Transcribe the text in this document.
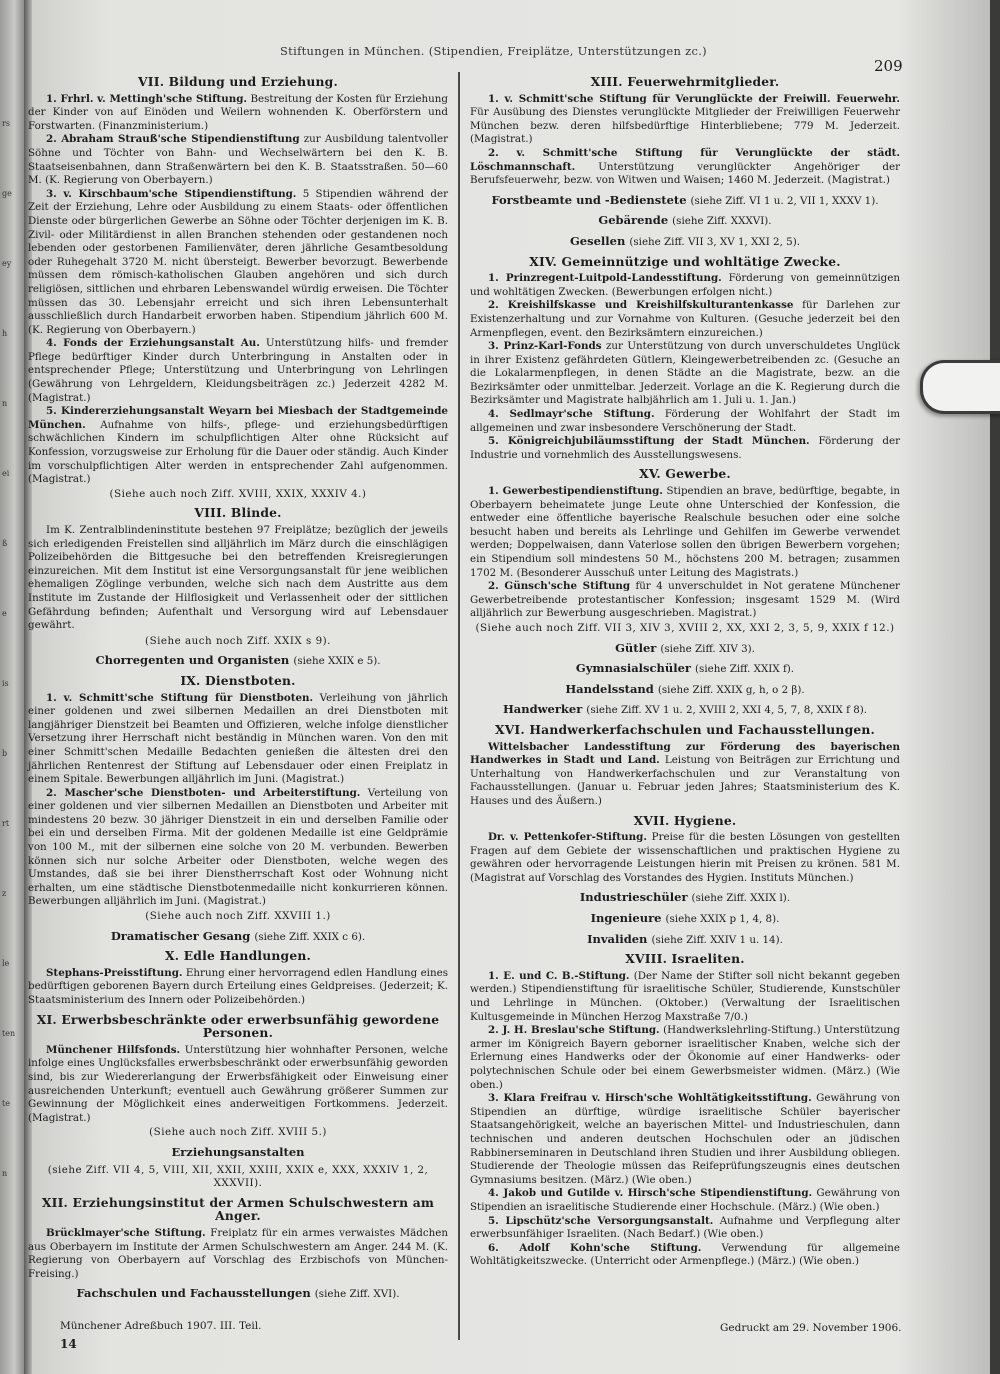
rs
ge
ey
h
n
ei
ß
e
is
b
rt
z
le
ten
te
n
Stiftungen in München. (Stipendien, Freiplätze, Unterstützungen zc.)
209
VII. Bildung und Erziehung.

1. Frhrl. v. Mettingh'sche Stiftung. Bestreitung der Kosten für Erziehung der Kinder von auf Einöden und Weilern wohnenden K. Oberförstern und Forstwarten. (Finanzministerium.)

2. Abraham Strauß'sche Stipendienstiftung zur Ausbildung talentvoller Söhne und Töchter von Bahn- und Wechselwärtern bei den K. B. Staatseisenbahnen, dann Straßenwärtern bei den K. B. Staatsstraßen. 50—60 M. (K. Regierung von Oberbayern.)

3. v. Kirschbaum'sche Stipendienstiftung. 5 Stipendien während der Zeit der Erziehung, Lehre oder Ausbildung zu einem Staats- oder öffentlichen Dienste oder bürgerlichen Gewerbe an Söhne oder Töchter derjenigen im K. B. Zivil- oder Militärdienst in allen Branchen stehenden oder gestandenen noch lebenden oder gestorbenen Familienväter, deren jährliche Gesamtbesoldung oder Ruhegehalt 3720 M. nicht übersteigt. Bewerber bevorzugt. Bewerbende müssen dem römisch-katholischen Glauben angehören und sich durch religiösen, sittlichen und ehrbaren Lebenswandel würdig erweisen. Die Töchter müssen das 30. Lebensjahr erreicht und sich ihren Lebensunterhalt ausschließlich durch Handarbeit erworben haben. Stipendium jährlich 600 M. (K. Regierung von Oberbayern.)

4. Fonds der Erziehungsanstalt Au. Unterstützung hilfs- und fremder Pflege bedürftiger Kinder durch Unterbringung in Anstalten oder in entsprechender Pflege; Unterstützung und Unterbringung von Lehrlingen (Gewährung von Lehrgeldern, Kleidungsbeiträgen zc.) Jederzeit 4282 M. (Magistrat.)

5. Kindererziehungsanstalt Weyarn bei Miesbach der Stadtgemeinde München. Aufnahme von hilfs-, pflege- und erziehungsbedürftigen schwächlichen Kindern im schulpflichtigen Alter ohne Rücksicht auf Konfession, vorzugsweise zur Erholung für die Dauer oder ständig. Auch Kinder im vorschulpflichtigen Alter werden in entsprechender Zahl aufgenommen. (Magistrat.)

(Siehe auch noch Ziff. XVIII, XXIX, XXXIV 4.)
VIII. Blinde.

Im K. Zentralblindeninstitute bestehen 97 Freiplätze; bezüglich der jeweils sich erledigenden Freistellen sind alljährlich im März durch die einschlägigen Polizeibehörden die Bittgesuche bei den betreffenden Kreisregierungen einzureichen. Mit dem Institut ist eine Versorgungsanstalt für jene weiblichen ehemaligen Zöglinge verbunden, welche sich nach dem Austritte aus dem Institute im Zustande der Hilflosigkeit und Verlassenheit oder der sittlichen Gefährdung befinden; Aufenthalt und Versorgung wird auf Lebensdauer gewährt.

(Siehe auch noch Ziff. XXIX s 9).
Chorregenten und Organisten (siehe XXIX e 5).
IX. Dienstboten.

1. v. Schmitt'sche Stiftung für Dienstboten. Verleihung von jährlich einer goldenen und zwei silbernen Medaillen an drei Dienstboten mit langjähriger Dienstzeit bei Beamten und Offizieren, welche infolge dienstlicher Versetzung ihrer Herrschaft nicht beständig in München waren. Von den mit einer Schmitt'schen Medaille Bedachten genießen die ältesten drei den jährlichen Rentenrest der Stiftung auf Lebensdauer oder einen Freiplatz in einem Spitale. Bewerbungen alljährlich im Juni. (Magistrat.)

2. Mascher'sche Dienstboten- und Arbeiterstiftung. Verteilung von einer goldenen und vier silbernen Medaillen an Dienstboten und Arbeiter mit mindestens 20 bezw. 30 jähriger Dienstzeit in ein und derselben Familie oder bei ein und derselben Firma. Mit der goldenen Medaille ist eine Geldprämie von 100 M., mit der silbernen eine solche von 20 M. verbunden. Bewerben können sich nur solche Arbeiter oder Dienstboten, welche wegen des Umstandes, daß sie bei ihrer Dienstherrschaft Kost oder Wohnung nicht erhalten, um eine städtische Dienstbotenmedaille nicht konkurrieren können. Bewerbungen alljährlich im Juni. (Magistrat.)

(Siehe auch noch Ziff. XXVIII 1.)
Dramatischer Gesang (siehe Ziff. XXIX c 6).
X. Edle Handlungen.

Stephans-Preisstiftung. Ehrung einer hervorragend edlen Handlung eines bedürftigen geborenen Bayern durch Erteilung eines Geldpreises. (Jederzeit; K. Staatsministerium des Innern oder Polizeibehörden.)

XI. Erwerbsbeschränkte oder erwerbsunfähig gewordene Personen.

Münchener Hilfsfonds. Unterstützung hier wohnhafter Personen, welche infolge eines Unglücksfalles erwerbsbeschränkt oder erwerbsunfähig geworden sind, bis zur Wiedererlangung der Erwerbsfähigkeit oder Einweisung einer ausreichenden Unterkunft; eventuell auch Gewährung größerer Summen zur Gewinnung der Möglichkeit eines anderweitigen Fortkommens. Jederzeit. (Magistrat.)

(Siehe auch noch Ziff. XVIII 5.)
Erziehungsanstalten
(siehe Ziff. VII 4, 5, VIII, XII, XXII, XXIII, XXIX e, XXX, XXXIV 1, 2, XXXVII).
XII. Erziehungsinstitut der Armen Schulschwestern am Anger.

Brücklmayer'sche Stiftung. Freiplatz für ein armes verwaistes Mädchen aus Oberbayern im Institute der Armen Schulschwestern am Anger. 244 M. (K. Regierung von Oberbayern auf Vorschlag des Erzbischofs von München-Freising.)

Fachschulen und Fachausstellungen (siehe Ziff. XVI).
XIII. Feuerwehrmitglieder.

1. v. Schmitt'sche Stiftung für Verunglückte der Freiwill. Feuerwehr. Für Ausübung des Dienstes verunglückte Mitglieder der Freiwilligen Feuerwehr München bezw. deren hilfsbedürftige Hinterbliebene; 779 M. Jederzeit. (Magistrat.)

2. v. Schmitt'sche Stiftung für Verunglückte der städt. Löschmannschaft. Unterstützung verunglückter Angehöriger der Berufsfeuerwehr, bezw. von Witwen und Waisen; 1460 M. Jederzeit. (Magistrat.)

Forstbeamte und -Bedienstete (siehe Ziff. VI 1 u. 2, VII 1, XXXV 1).
Gebärende (siehe Ziff. XXXVI).
Gesellen (siehe Ziff. VII 3, XV 1, XXI 2, 5).
XIV. Gemeinnützige und wohltätige Zwecke.

1. Prinzregent-Luitpold-Landesstiftung. Förderung von gemeinnützigen und wohltätigen Zwecken. (Bewerbungen erfolgen nicht.)

2. Kreishilfskasse und Kreishilfskulturantenkasse für Darlehen zur Existenzerhaltung und zur Vornahme von Kulturen. (Gesuche jederzeit bei den Armenpflegen, event. den Bezirksämtern einzureichen.)

3. Prinz-Karl-Fonds zur Unterstützung von durch unverschuldetes Unglück in ihrer Existenz gefährdeten Gütlern, Kleingewerbetreibenden zc. (Gesuche an die Lokalarmenpflegen, in denen Städte an die Magistrate, bezw. an die Bezirksämter oder unmittelbar. Jederzeit. Vorlage an die K. Regierung durch die Bezirksämter und Magistrate halbjährlich am 1. Juli u. 1. Jan.)

4. Sedlmayr'sche Stiftung. Förderung der Wohlfahrt der Stadt im allgemeinen und zwar insbesondere Verschönerung der Stadt.

5. Königreichjubiläumsstiftung der Stadt München. Förderung der Industrie und vornehmlich des Ausstellungswesens.

XV. Gewerbe.

1. Gewerbestipendienstiftung. Stipendien an brave, bedürftige, begabte, in Oberbayern beheimatete junge Leute ohne Unterschied der Konfession, die entweder eine öffentliche bayerische Realschule besuchen oder eine solche besucht haben und bereits als Lehrlinge und Gehilfen im Gewerbe verwendet werden; Doppelwaisen, dann Vaterlose sollen den übrigen Bewerbern vorgehen; ein Stipendium soll mindestens 50 M., höchstens 200 M. betragen; zusammen 1702 M. (Besonderer Ausschuß unter Leitung des Magistrats.)

2. Günsch'sche Stiftung für 4 unverschuldet in Not geratene Münchener Gewerbetreibende protestantischer Konfession; insgesamt 1529 M. (Wird alljährlich zur Bewerbung ausgeschrieben. Magistrat.)

(Siehe auch noch Ziff. VII 3, XIV 3, XVIII 2, XX, XXI 2, 3, 5, 9, XXIX f 12.)
Gütler (siehe Ziff. XIV 3).
Gymnasialschüler (siehe Ziff. XXIX f).
Handelsstand (siehe Ziff. XXIX g, h, o 2 β).
Handwerker (siehe Ziff. XV 1 u. 2, XVIII 2, XXI 4, 5, 7, 8, XXIX f 8).
XVI. Handwerkerfachschulen und Fachausstellungen.

Wittelsbacher Landesstiftung zur Förderung des bayerischen Handwerkes in Stadt und Land. Leistung von Beiträgen zur Errichtung und Unterhaltung von Handwerkerfachschulen und zur Veranstaltung von Fachausstellungen. (Januar u. Februar jeden Jahres; Staatsministerium des K. Hauses und des Äußern.)

XVII. Hygiene.

Dr. v. Pettenkofer-Stiftung. Preise für die besten Lösungen von gestellten Fragen auf dem Gebiete der wissenschaftlichen und praktischen Hygiene zu gewähren oder hervorragende Leistungen hierin mit Preisen zu krönen. 581 M. (Magistrat auf Vorschlag des Vorstandes des Hygien. Instituts München.)

Industrieschüler (siehe Ziff. XXIX l).
Ingenieure (siehe XXIX p 1, 4, 8).
Invaliden (siehe Ziff. XXIV 1 u. 14).
XVIII. Israeliten.

1. E. und C. B.-Stiftung. (Der Name der Stifter soll nicht bekannt gegeben werden.) Stipendienstiftung für israelitische Schüler, Studierende, Kunstschüler und Lehrlinge in München. (Oktober.) (Verwaltung der Israelitischen Kultusgemeinde in München Herzog Maxstraße 7/0.)

2. J. H. Breslau'sche Stiftung. (Handwerkslehrling-Stiftung.) Unterstützung armer im Königreich Bayern geborner israelitischer Knaben, welche sich der Erlernung eines Handwerks oder der Ökonomie auf einer Handwerks- oder polytechnischen Schule oder bei einem Gewerbsmeister widmen. (März.) (Wie oben.)

3. Klara Freifrau v. Hirsch'sche Wohltätigkeitsstiftung. Gewährung von Stipendien an dürftige, würdige israelitische Schüler bayerischer Staatsangehörigkeit, welche an bayerischen Mittel- und Industrieschulen, dann technischen und anderen deutschen Hochschulen oder an jüdischen Rabbinerseminaren in Deutschland ihren Studien und ihrer Ausbildung obliegen. Studierende der Theologie müssen das Reifeprüfungszeugnis eines deutschen Gymnasiums besitzen. (März.) (Wie oben.)

4. Jakob und Gutilde v. Hirsch'sche Stipendienstiftung. Gewährung von Stipendien an israelitische Studierende einer Hochschule. (März.) (Wie oben.)

5. Lipschütz'sche Versorgungsanstalt. Aufnahme und Verpflegung alter erwerbsunfähiger Israeliten. (Nach Bedarf.) (Wie oben.)

6. Adolf Kohn'sche Stiftung. Verwendung für allgemeine Wohltätigkeitszwecke. (Unterricht oder Armenpflege.) (März.) (Wie oben.)

Münchener Adreßbuch 1907. III. Teil.
14
Gedruckt am 29. November 1906.
